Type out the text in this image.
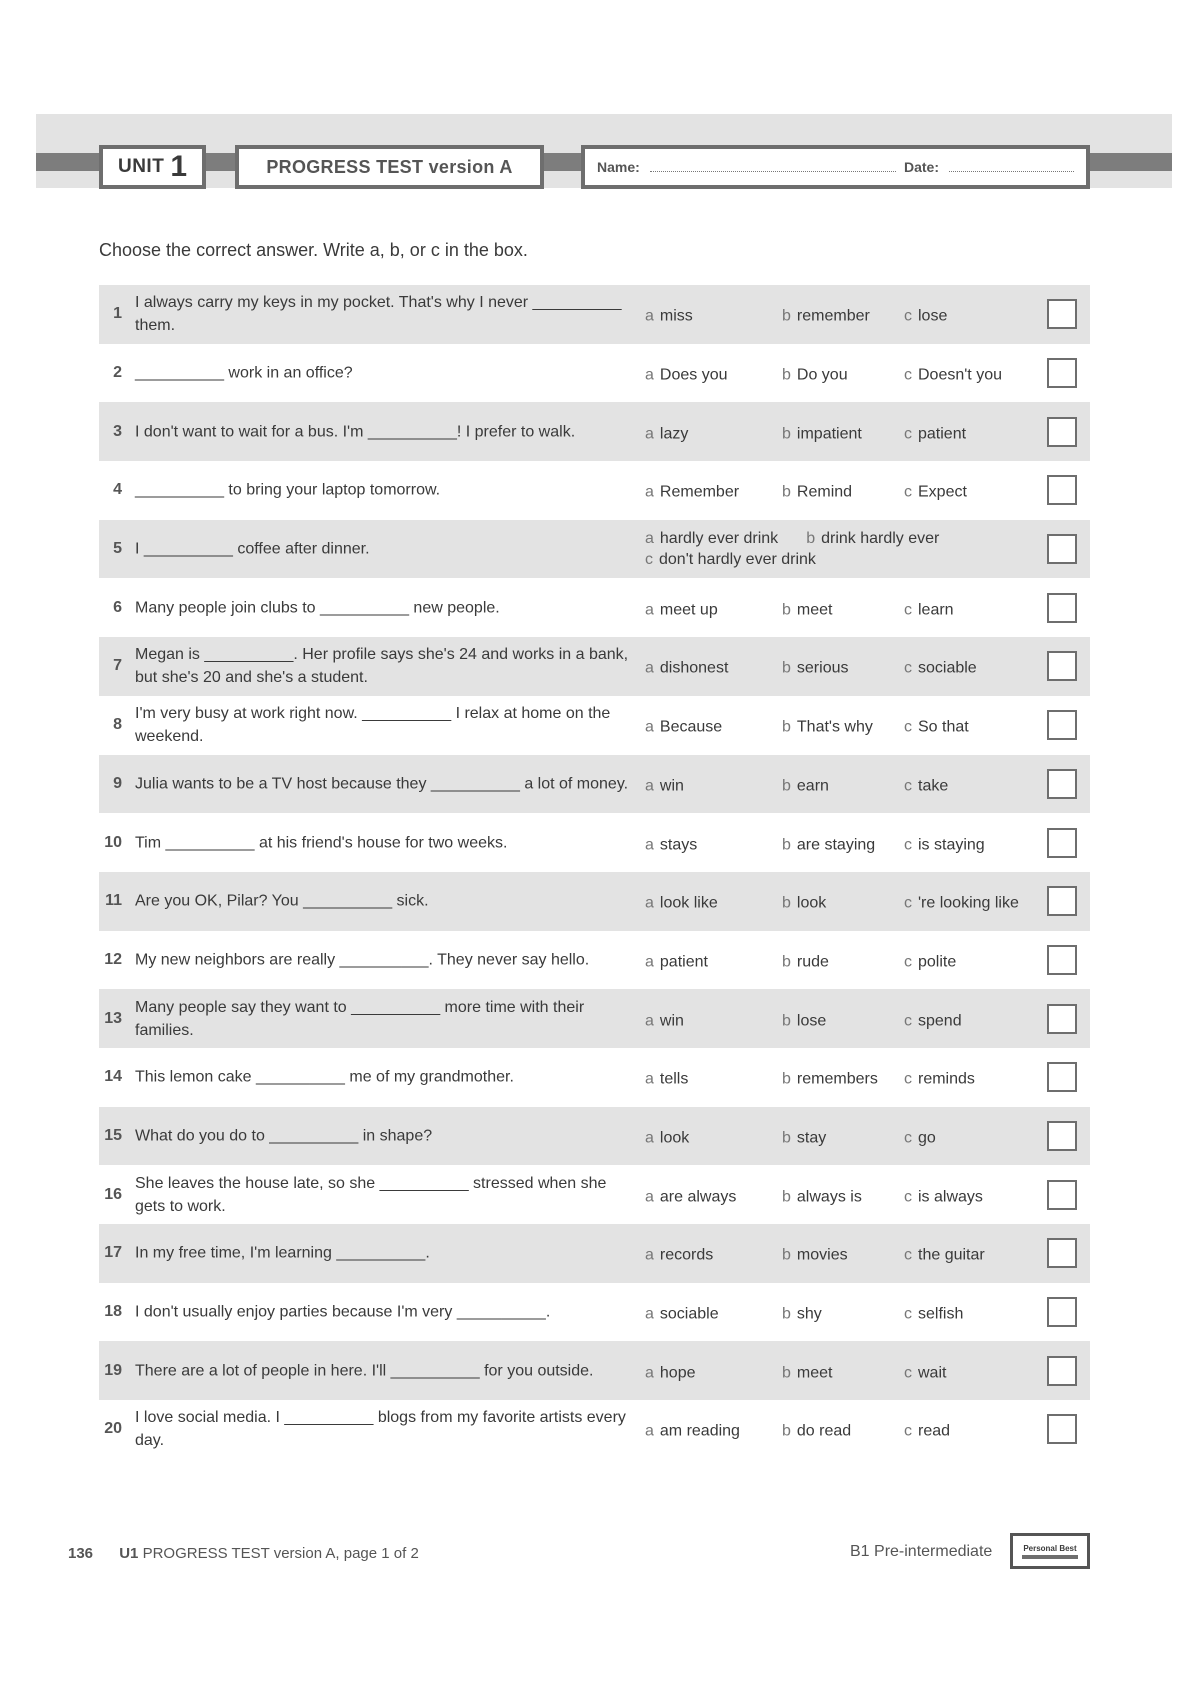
UNIT 1	PROGRESS TEST version A	Name:	Date:
Choose the correct answer. Write a, b, or c in the box.
1
I always carry my keys in my pocket. That's why I never __________ them.
a miss	b remember c lose
2 __________ work in an office?	a Does you	b Do you	c Doesn't you
3 I don't want to wait for a bus. I'm __________! I prefer to walk.	a lazy	b impatient	c patient
4 __________ to bring your laptop tomorrow.	a Remember	b Remind	c Expect
5 I __________ coffee after dinner.
a hardly ever drink b drink hardly ever
c don't hardly ever drink
6 Many people join clubs to __________ new people.	a meet up	b meet	c learn
7
Megan is __________. Her profile says she's 24 and works in a bank, but she's 20 and she's a student.
a dishonest	b serious	c sociable
8
I'm very busy at work right now. __________ I relax at home on the weekend.
a Because	b That's why c So that
9 Julia wants to be a TV host because they __________ a lot of money.	a win	b earn	c take
10 Tim __________ at his friend's house for two weeks.	a stays	b are staying c is staying
11 Are you OK, Pilar? You __________ sick.	a look like	b look	c 're looking like
12 My new neighbors are really __________. They never say hello.	a patient	b rude	c polite
13
Many people say they want to __________ more time with their families.
a win	b lose	c spend
14 This lemon cake __________ me of my grandmother.	a tells	b remembers c reminds
15 What do you do to __________ in shape?	a look	b stay	c go
16
She leaves the house late, so she __________ stressed when she gets to work.
a are always	b always is	c is always
17 In my free time, I'm learning __________.	a records	b movies	c the guitar
18 I don't usually enjoy parties because I'm very __________.	a sociable	b shy	c selfish
19 There are a lot of people in here. I'll __________ for you outside.	a hope	b meet	c wait
20
I love social media. I __________ blogs from my favorite artists every day.
a am reading	b do read	c read
136 U1 PROGRESS TEST version A, page 1 of 2	B1 Pre-intermediate	Personal Best
